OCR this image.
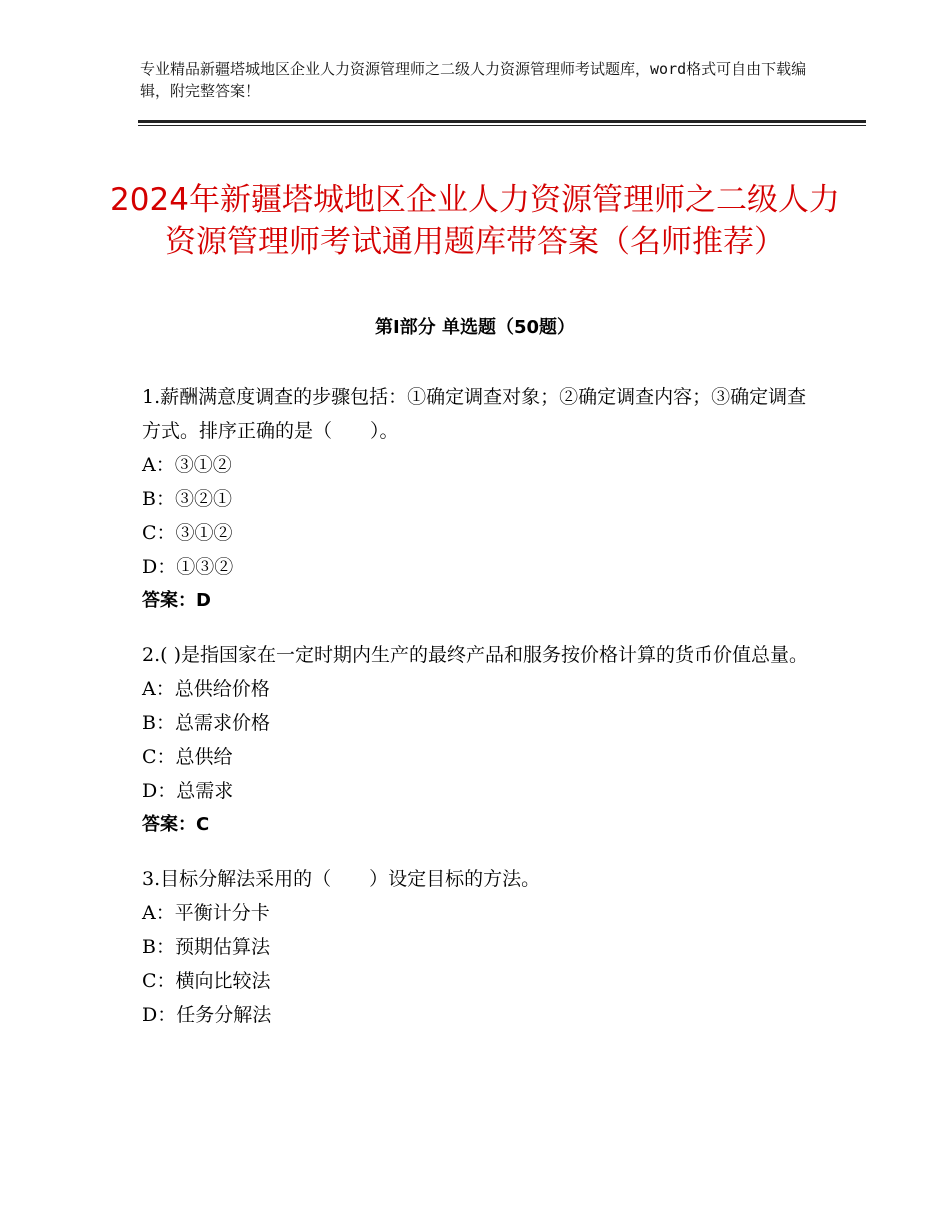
专业精品新疆塔城地区企业人力资源管理师之二级人力资源管理师考试题库，word格式可自由下载编辑，附完整答案！
2024年新疆塔城地区企业人力资源管理师之二级人力资源管理师考试通用题库带答案（名师推荐）
第Ⅰ部分 单选题（50题）

1.薪酬满意度调查的步骤包括：①确定调查对象；②确定调查内容；③确定调查方式。排序正确的是（　　）。

A：③①②

B：③②①

C：③①②

D：①③②

答案：D

2.( )是指国家在一定时期内生产的最终产品和服务按价格计算的货币价值总量。

A：总供给价格

B：总需求价格

C：总供给

D：总需求

答案：C

3.目标分解法采用的（　　）设定目标的方法。

A：平衡计分卡

B：预期估算法

C：横向比较法

D：任务分解法
